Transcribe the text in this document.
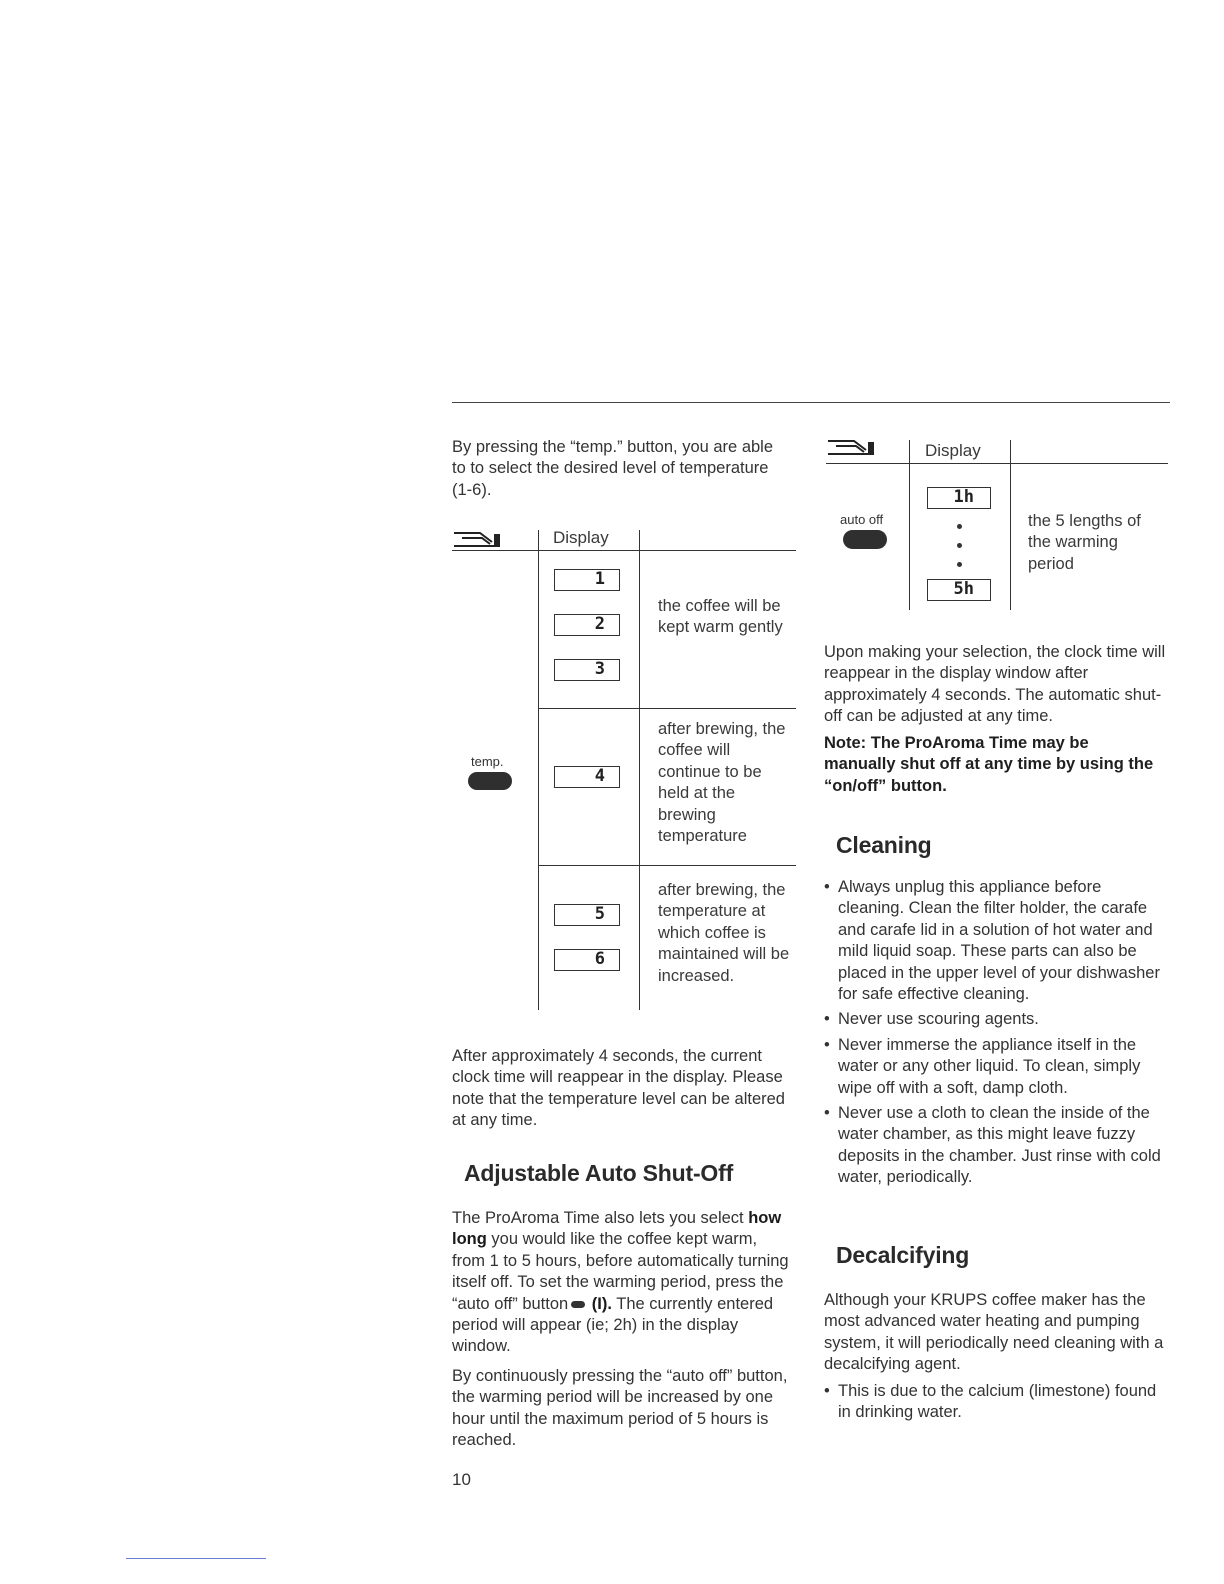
By pressing the “temp.” button, you are able to to select the desired level of temperature (1-6).
Display
temp.
1
2
3
the coffee will be kept warm gently
4
after brewing, the coffee will continue to be held at the brewing temperature
5
6
after brewing, the temperature at which coffee is maintained will be increased.
After approximately 4 seconds, the current clock time will reappear in the display. Please note that the temperature level can be altered at any time.
Adjustable Auto Shut-Off
The ProAroma Time also lets you select how long you would like the coffee kept warm, from 1 to 5 hours, before automatically turning itself off. To set the warming period, press the “auto off” button (I). The currently entered period will appear (ie; 2h) in the display window.
By continuously pressing the “auto off” button, the warming period will be increased by one hour until the maximum period of 5 hours is reached.
10
Display
auto off
1h
5h
the 5 lengths of the warming period
Upon making your selection, the clock time will reappear in the display window after approximately 4 seconds. The automatic shut-off can be adjusted at any time.
Note: The ProAroma Time may be manually shut off at any time by using the “on/off” button.
Cleaning
• Always unplug this appliance before cleaning. Clean the filter holder, the carafe and carafe lid in a solution of hot water and mild liquid soap. These parts can also be placed in the upper level of your dishwasher for safe effective cleaning.
• Never use scouring agents.
• Never immerse the appliance itself in the water or any other liquid. To clean, simply wipe off with a soft, damp cloth.
• Never use a cloth to clean the inside of the water chamber, as this might leave fuzzy deposits in the chamber. Just rinse with cold water, periodically.
Decalcifying
Although your KRUPS coffee maker has the most advanced water heating and pumping system, it will periodically need cleaning with a decalcifying agent.
• This is due to the calcium (limestone) found in drinking water.
